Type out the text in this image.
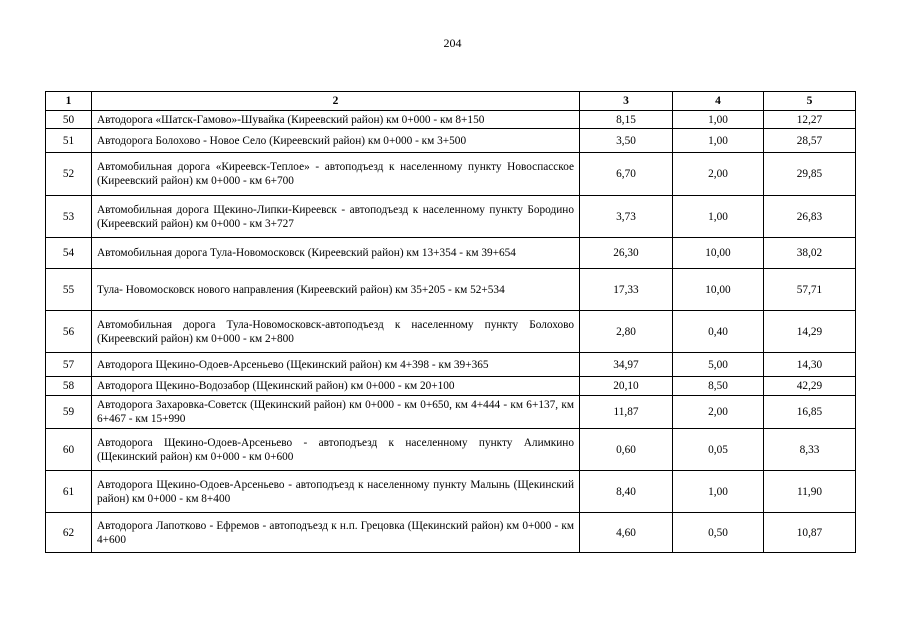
204
1	2	3	4	5
50	Автодорога «Шатск-Гамово»-Шувайка (Киреевский район) км 0+000 - км 8+150	8,15	1,00	12,27
51	Автодорога Болохово - Новое Село (Киреевский район) км 0+000 - км 3+500	3,50	1,00	28,57
52	Автомобильная дорога «Киреевск-Теплое» - автоподъезд к населенному пункту Новоспасское (Киреевский район) км 0+000 - км 6+700	6,70	2,00	29,85
53	Автомобильная дорога Щекино-Липки-Киреевск - автоподъезд к населенному пункту Бородино (Киреевский район) км 0+000 - км 3+727	3,73	1,00	26,83
54	Автомобильная дорога Тула-Новомосковск (Киреевский район) км 13+354 - км 39+654	26,30	10,00	38,02
55	Тула- Новомосковск нового направления (Киреевский район) км 35+205 - км 52+534	17,33	10,00	57,71
56	Автомобильная дорога Тула-Новомосковск-автоподъезд к населенному пункту Болохово (Киреевский район) км 0+000 - км 2+800	2,80	0,40	14,29
57	Автодорога Щекино-Одоев-Арсеньево (Щекинский район) км 4+398 - км 39+365	34,97	5,00	14,30
58	Автодорога Щекино-Водозабор (Щекинский район) км 0+000 - км 20+100	20,10	8,50	42,29
59	Автодорога Захаровка-Советск (Щекинский район) км 0+000 - км 0+650, км 4+444 - км 6+137, км 6+467 - км 15+990	11,87	2,00	16,85
60	Автодорога Щекино-Одоев-Арсеньево - автоподъезд к населенному пункту Алимкино (Щекинский район) км 0+000 - км 0+600	0,60	0,05	8,33
61	Автодорога Щекино-Одоев-Арсеньево - автоподъезд к населенному пункту Малынь (Щекинский район) км 0+000 - км 8+400	8,40	1,00	11,90
62	Автодорога Лапотково - Ефремов - автоподъезд к н.п. Грецовка (Щекинский район) км 0+000 - км 4+600	4,60	0,50	10,87
